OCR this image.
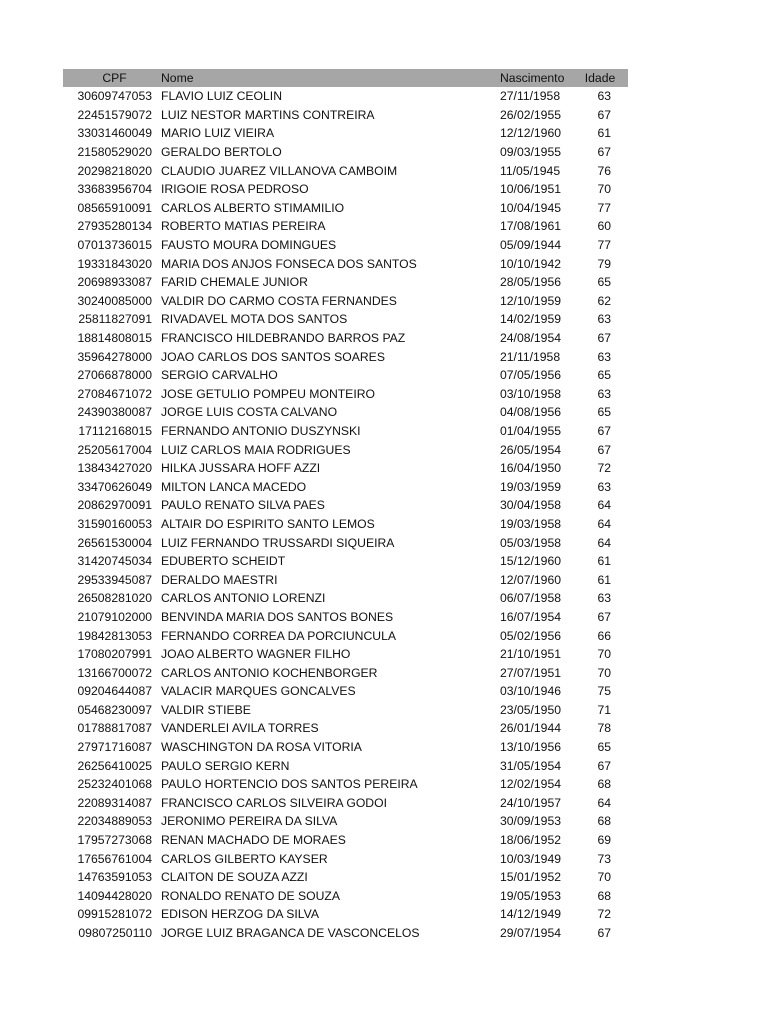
CPF	Nome	Nascimento	Idade
30609747053 FLAVIO LUIZ CEOLIN	27/11/1958	63
22451579072 LUIZ NESTOR MARTINS CONTREIRA	26/02/1955	67
33031460049 MARIO LUIZ VIEIRA	12/12/1960	61
21580529020 GERALDO BERTOLO	09/03/1955	67
20298218020 CLAUDIO JUAREZ VILLANOVA CAMBOIM	11/05/1945	76
33683956704 IRIGOIE ROSA PEDROSO	10/06/1951	70
08565910091 CARLOS ALBERTO STIMAMILIO	10/04/1945	77
27935280134 ROBERTO MATIAS PEREIRA	17/08/1961	60
07013736015 FAUSTO MOURA DOMINGUES	05/09/1944	77
19331843020 MARIA DOS ANJOS FONSECA DOS SANTOS	10/10/1942	79
20698933087 FARID CHEMALE JUNIOR	28/05/1956	65
30240085000 VALDIR DO CARMO COSTA FERNANDES	12/10/1959	62
25811827091 RIVADAVEL MOTA DOS SANTOS	14/02/1959	63
18814808015 FRANCISCO HILDEBRANDO BARROS PAZ	24/08/1954	67
35964278000 JOAO CARLOS DOS SANTOS SOARES	21/11/1958	63
27066878000 SERGIO CARVALHO	07/05/1956	65
27084671072 JOSE GETULIO POMPEU MONTEIRO	03/10/1958	63
24390380087 JORGE LUIS COSTA CALVANO	04/08/1956	65
17112168015 FERNANDO ANTONIO DUSZYNSKI	01/04/1955	67
25205617004 LUIZ CARLOS MAIA RODRIGUES	26/05/1954	67
13843427020 HILKA JUSSARA HOFF AZZI	16/04/1950	72
33470626049 MILTON LANCA MACEDO	19/03/1959	63
20862970091 PAULO RENATO SILVA PAES	30/04/1958	64
31590160053 ALTAIR DO ESPIRITO SANTO LEMOS	19/03/1958	64
26561530004 LUIZ FERNANDO TRUSSARDI SIQUEIRA	05/03/1958	64
31420745034 EDUBERTO SCHEIDT	15/12/1960	61
29533945087 DERALDO MAESTRI	12/07/1960	61
26508281020 CARLOS ANTONIO LORENZI	06/07/1958	63
21079102000 BENVINDA MARIA DOS SANTOS BONES	16/07/1954	67
19842813053 FERNANDO CORREA DA PORCIUNCULA	05/02/1956	66
17080207991 JOAO ALBERTO WAGNER FILHO	21/10/1951	70
13166700072 CARLOS ANTONIO KOCHENBORGER	27/07/1951	70
09204644087 VALACIR MARQUES GONCALVES	03/10/1946	75
05468230097 VALDIR STIEBE	23/05/1950	71
01788817087 VANDERLEI AVILA TORRES	26/01/1944	78
27971716087 WASCHINGTON DA ROSA VITORIA	13/10/1956	65
26256410025 PAULO SERGIO KERN	31/05/1954	67
25232401068 PAULO HORTENCIO DOS SANTOS PEREIRA	12/02/1954	68
22089314087 FRANCISCO CARLOS SILVEIRA GODOI	24/10/1957	64
22034889053 JERONIMO PEREIRA DA SILVA	30/09/1953	68
17957273068 RENAN MACHADO DE MORAES	18/06/1952	69
17656761004 CARLOS GILBERTO KAYSER	10/03/1949	73
14763591053 CLAITON DE SOUZA AZZI	15/01/1952	70
14094428020 RONALDO RENATO DE SOUZA	19/05/1953	68
09915281072 EDISON HERZOG DA SILVA	14/12/1949	72
09807250110 JORGE LUIZ BRAGANCA DE VASCONCELOS	29/07/1954	67
